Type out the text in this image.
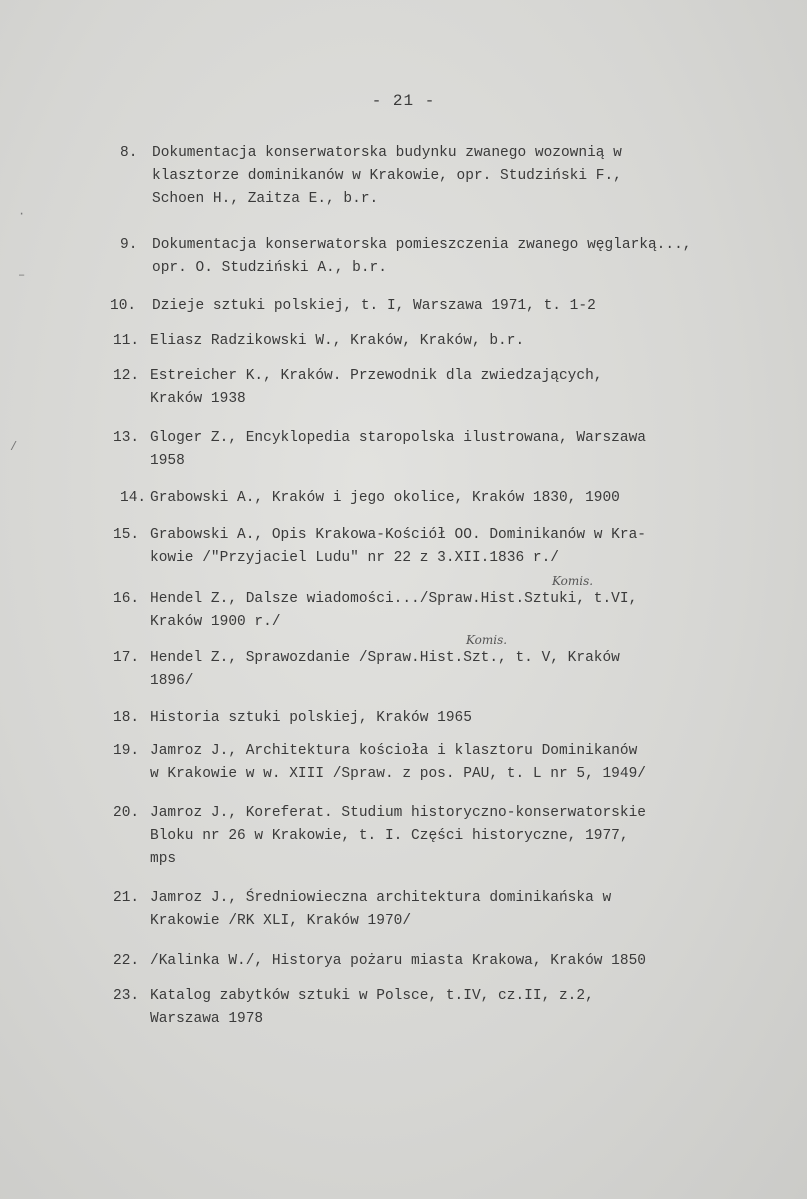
- 21 -
·
–
/
8. Dokumentacja konserwatorska budynku zwanego wozownią w
klasztorze dominikanów w Krakowie, opr. Studziński F.,
Schoen H., Zaitza E., b.r.
9. Dokumentacja konserwatorska pomieszczenia zwanego węglarką...,
opr. O. Studziński A., b.r.
10. Dzieje sztuki polskiej, t. I, Warszawa 1971, t. 1-2
11. Eliasz Radzikowski W., Kraków, Kraków, b.r.
12. Estreicher K., Kraków. Przewodnik dla zwiedzających,
Kraków 1938
13. Gloger Z., Encyklopedia staropolska ilustrowana, Warszawa
1958
14. Grabowski A., Kraków i jego okolice, Kraków 1830, 1900
15. Grabowski A., Opis Krakowa-Kościół OO. Dominikanów w Kra-
kowie /"Przyjaciel Ludu" nr 22 z 3.XII.1836 r./
16. Hendel Z., Dalsze wiadomości.../Spraw.Hist.Sztuki, t.VI,
Kraków 1900 r./
Komis.
17. Hendel Z., Sprawozdanie /Spraw.Hist.Szt., t. V, Kraków
1896/
Komis.
18. Historia sztuki polskiej, Kraków 1965
19. Jamroz J., Architektura kościoła i klasztoru Dominikanów
w Krakowie w w. XIII /Spraw. z pos. PAU, t. L nr 5, 1949/
20. Jamroz J., Koreferat. Studium historyczno-konserwatorskie
Bloku nr 26 w Krakowie, t. I. Części historyczne, 1977,
mps
21. Jamroz J., Średniowieczna architektura dominikańska w
Krakowie /RK XLI, Kraków 1970/
22. /Kalinka W./, Historya pożaru miasta Krakowa, Kraków 1850
23. Katalog zabytków sztuki w Polsce, t.IV, cz.II, z.2,
Warszawa 1978
